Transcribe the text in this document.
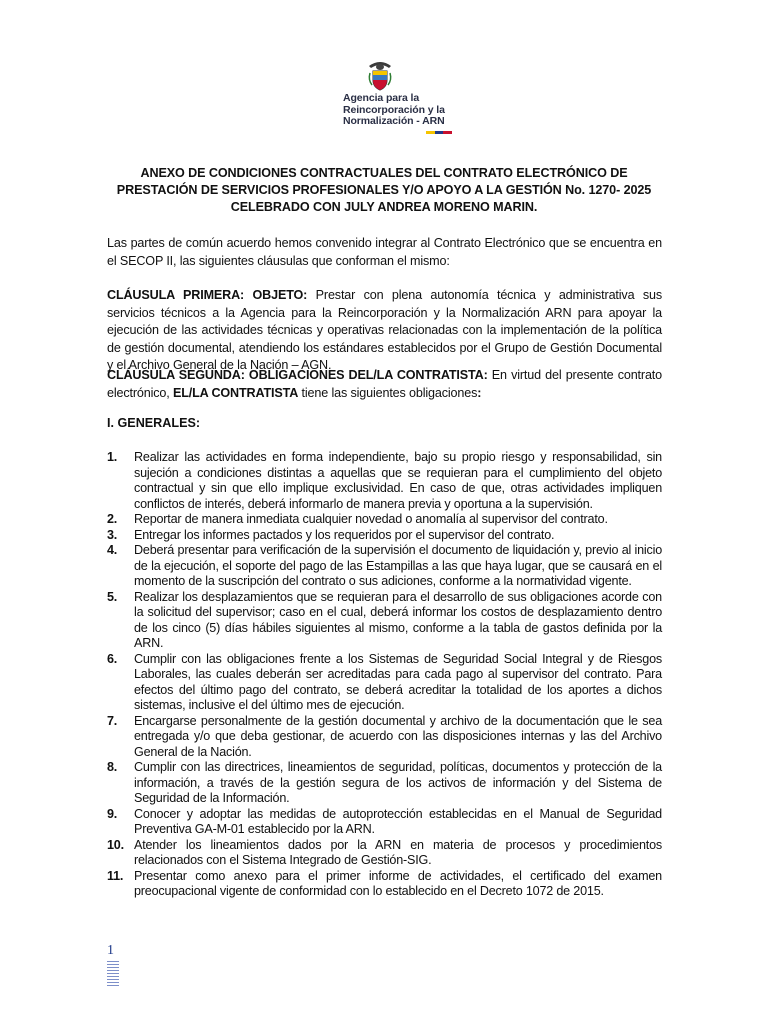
Agencia para la
Reincorporación y la
Normalización - ARN
ANEXO DE CONDICIONES CONTRACTUALES DEL CONTRATO ELECTRÓNICO DE PRESTACIÓN DE SERVICIOS PROFESIONALES Y/O APOYO A LA GESTIÓN No. 1270- 2025 CELEBRADO CON JULY ANDREA MORENO MARIN.
Las partes de común acuerdo hemos convenido integrar al Contrato Electrónico que se encuentra en el SECOP II, las siguientes cláusulas que conforman el mismo:
CLÁUSULA PRIMERA: OBJETO: Prestar con plena autonomía técnica y administrativa sus servicios técnicos a la Agencia para la Reincorporación y la Normalización ARN para apoyar la ejecución de las actividades técnicas y operativas relacionadas con la implementación de la política de gestión documental, atendiendo los estándares establecidos por el Grupo de Gestión Documental y el Archivo General de la Nación – AGN.
CLÁUSULA SEGUNDA: OBLIGACIONES DEL/LA CONTRATISTA: En virtud del presente contrato electrónico, EL/LA CONTRATISTA tiene las siguientes obligaciones:
I. GENERALES:
1. Realizar las actividades en forma independiente, bajo su propio riesgo y responsabilidad, sin sujeción a condiciones distintas a aquellas que se requieran para el cumplimiento del objeto contractual y sin que ello implique exclusividad. En caso de que, otras actividades impliquen conflictos de interés, deberá informarlo de manera previa y oportuna a la supervisión.
2. Reportar de manera inmediata cualquier novedad o anomalía al supervisor del contrato.
3. Entregar los informes pactados y los requeridos por el supervisor del contrato.
4. Deberá presentar para verificación de la supervisión el documento de liquidación y, previo al inicio de la ejecución, el soporte del pago de las Estampillas a las que haya lugar, que se causará en el momento de la suscripción del contrato o sus adiciones, conforme a la normatividad vigente.
5. Realizar los desplazamientos que se requieran para el desarrollo de sus obligaciones acorde con la solicitud del supervisor; caso en el cual, deberá informar los costos de desplazamiento dentro de los cinco (5) días hábiles siguientes al mismo, conforme a la tabla de gastos definida por la ARN.
6. Cumplir con las obligaciones frente a los Sistemas de Seguridad Social Integral y de Riesgos Laborales, las cuales deberán ser acreditadas para cada pago al supervisor del contrato. Para efectos del último pago del contrato, se deberá acreditar la totalidad de los aportes a dichos sistemas, inclusive el del último mes de ejecución.
7. Encargarse personalmente de la gestión documental y archivo de la documentación que le sea entregada y/o que deba gestionar, de acuerdo con las disposiciones internas y las del Archivo General de la Nación.
8. Cumplir con las directrices, lineamientos de seguridad, políticas, documentos y protección de la información, a través de la gestión segura de los activos de información y del Sistema de Seguridad de la Información.
9. Conocer y adoptar las medidas de autoprotección establecidas en el Manual de Seguridad Preventiva GA-M-01 establecido por la ARN.
10. Atender los lineamientos dados por la ARN en materia de procesos y procedimientos relacionados con el Sistema Integrado de Gestión-SIG.
11. Presentar como anexo para el primer informe de actividades, el certificado del examen preocupacional vigente de conformidad con lo establecido en el Decreto 1072 de 2015.
1
